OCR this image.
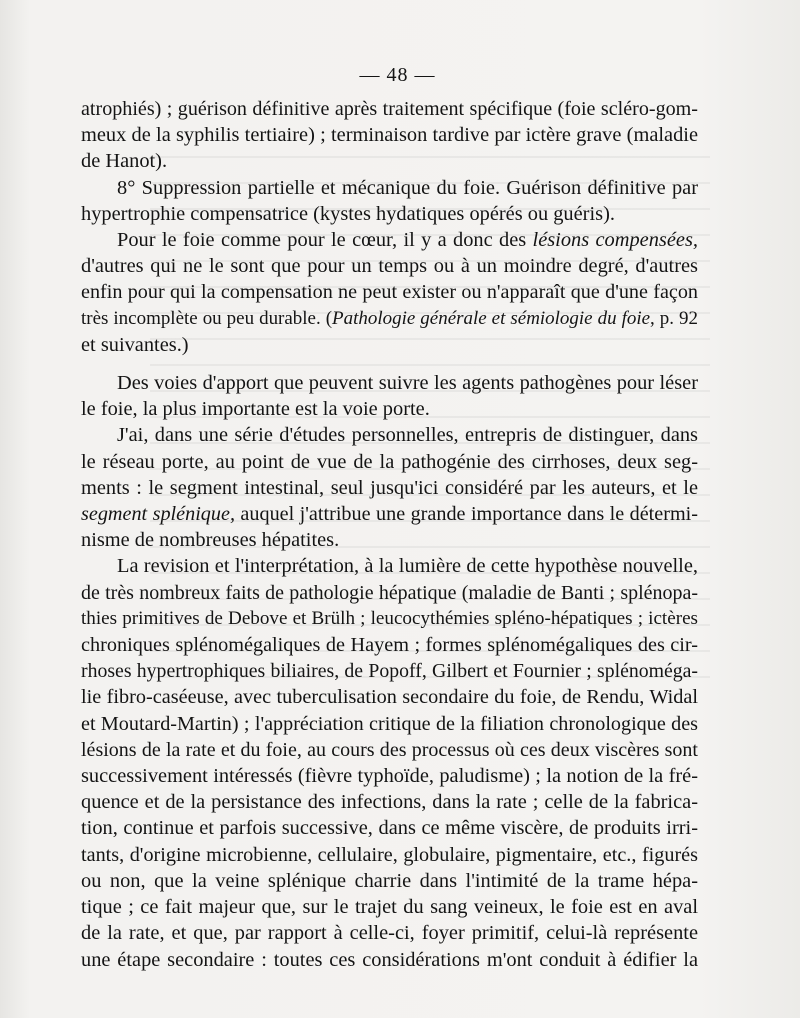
— 48 —

atrophiés) ; guérison définitive après traitement spécifique (foie scléro-gom-
meux de la syphilis tertiaire) ; terminaison tardive par ictère grave (maladie
de Hanot).

8° Suppression partielle et mécanique du foie. Guérison définitive par
hypertrophie compensatrice (kystes hydatiques opérés ou guéris).

Pour le foie comme pour le cœur, il y a donc des lésions compensées,
d'autres qui ne le sont que pour un temps ou à un moindre degré, d'autres
enfin pour qui la compensation ne peut exister ou n'apparaît que d'une façon
très incomplète ou peu durable. (Pathologie générale et sémiologie du foie, p. 92
et suivantes.)

Des voies d'apport que peuvent suivre les agents pathogènes pour léser
le foie, la plus importante est la voie porte.

J'ai, dans une série d'études personnelles, entrepris de distinguer, dans
le réseau porte, au point de vue de la pathogénie des cirrhoses, deux seg-
ments : le segment intestinal, seul jusqu'ici considéré par les auteurs, et le
segment splénique, auquel j'attribue une grande importance dans le détermi-
nisme de nombreuses hépatites.

La revision et l'interprétation, à la lumière de cette hypothèse nouvelle,
de très nombreux faits de pathologie hépatique (maladie de Banti ; splénopa-
thies primitives de Debove et Brülh ; leucocythémies spléno-hépatiques ; ictères
chroniques splénomégaliques de Hayem ; formes splénomégaliques des cir-
rhoses hypertrophiques biliaires, de Popoff, Gilbert et Fournier ; splénoméga-
lie fibro-caséeuse, avec tuberculisation secondaire du foie, de Rendu, Widal
et Moutard-Martin) ; l'appréciation critique de la filiation chronologique des
lésions de la rate et du foie, au cours des processus où ces deux viscères sont
successivement intéressés (fièvre typhoïde, paludisme) ; la notion de la fré-
quence et de la persistance des infections, dans la rate ; celle de la fabrica-
tion, continue et parfois successive, dans ce même viscère, de produits irri-
tants, d'origine microbienne, cellulaire, globulaire, pigmentaire, etc., figurés
ou non, que la veine splénique charrie dans l'intimité de la trame hépa-
tique ; ce fait majeur que, sur le trajet du sang veineux, le foie est en aval
de la rate, et que, par rapport à celle-ci, foyer primitif, celui-là représente
une étape secondaire : toutes ces considérations m'ont conduit à édifier la
